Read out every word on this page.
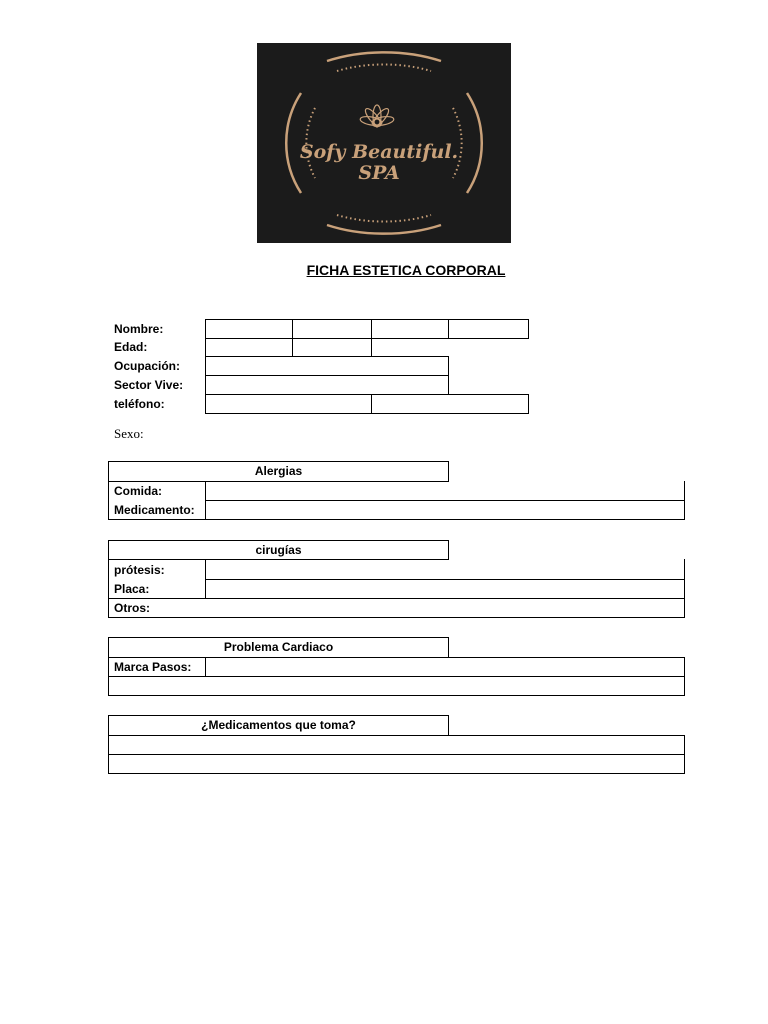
Sofy Beautiful.
SPA
FICHA ESTETICA CORPORAL
Nombre:
Edad:
Ocupación:
Sector Vive:
teléfono:
Sexo:
Alergias
Comida:
Medicamento:
cirugías
prótesis:
Placa:
Otros:
Problema Cardiaco
Marca Pasos:
¿Medicamentos que toma?
